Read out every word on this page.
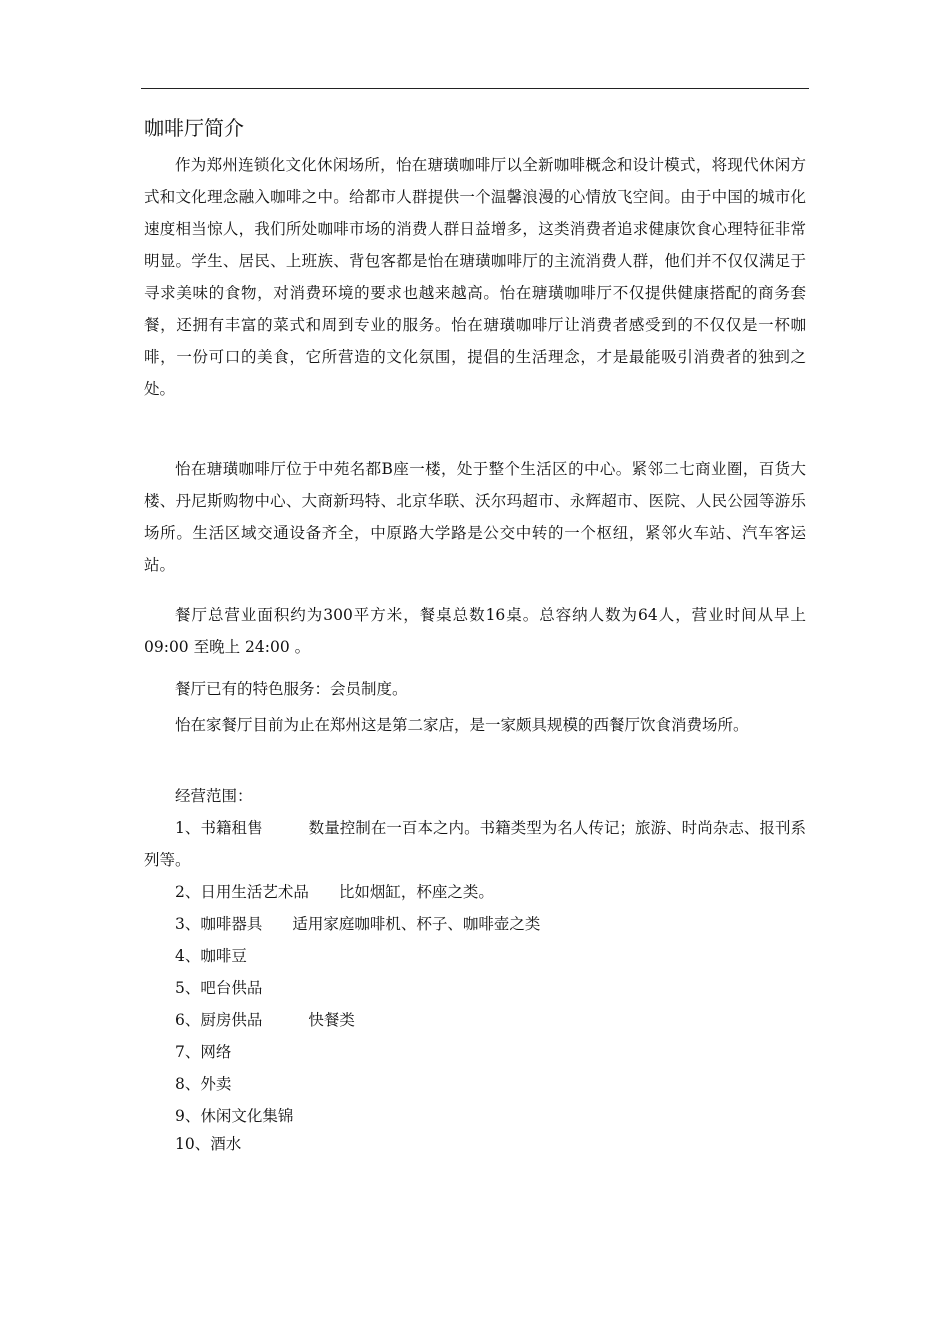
咖啡厅简介

作为郑州连锁化文化休闲场所，怡在瑭璜咖啡厅以全新咖啡概念和设计模式，将现代休闲方式和文化理念融入咖啡之中。给都市人群提供一个温馨浪漫的心情放飞空间。由于中国的城市化速度相当惊人，我们所处咖啡市场的消费人群日益增多，这类消费者追求健康饮食心理特征非常明显。学生、居民、上班族、背包客都是怡在瑭璜咖啡厅的主流消费人群，他们并不仅仅满足于寻求美味的食物，对消费环境的要求也越来越高。怡在瑭璜咖啡厅不仅提供健康搭配的商务套餐，还拥有丰富的菜式和周到专业的服务。怡在瑭璜咖啡厅让消费者感受到的不仅仅是一杯咖啡，一份可口的美食，它所营造的文化氛围，提倡的生活理念，才是最能吸引消费者的独到之处。

怡在瑭璜咖啡厅位于中苑名都B座一楼，处于整个生活区的中心。紧邻二七商业圈，百货大楼、丹尼斯购物中心、大商新玛特、北京华联、沃尔玛超市、永辉超市、医院、人民公园等游乐场所。生活区域交通设备齐全，中原路大学路是公交中转的一个枢纽，紧邻火车站、汽车客运站。

餐厅总营业面积约为300平方米，餐桌总数16桌。总容纳人数为64人，营业时间从早上 09:00 至晚上 24:00 。

餐厅已有的特色服务：会员制度。

怡在家餐厅目前为止在郑州这是第二家店，是一家颇具规模的西餐厅饮食消费场所。

经营范围：

1、书籍租售	数量控制在一百本之内。书籍类型为名人传记；旅游、时尚杂志、报刊系列等。
2、日用生活艺术品 比如烟缸，杯座之类。
3、咖啡器具 适用家庭咖啡机、杯子、咖啡壶之类
4、咖啡豆
5、吧台供品
6、厨房供品	快餐类
7、网络
8、外卖
9、休闲文化集锦
10、酒水
